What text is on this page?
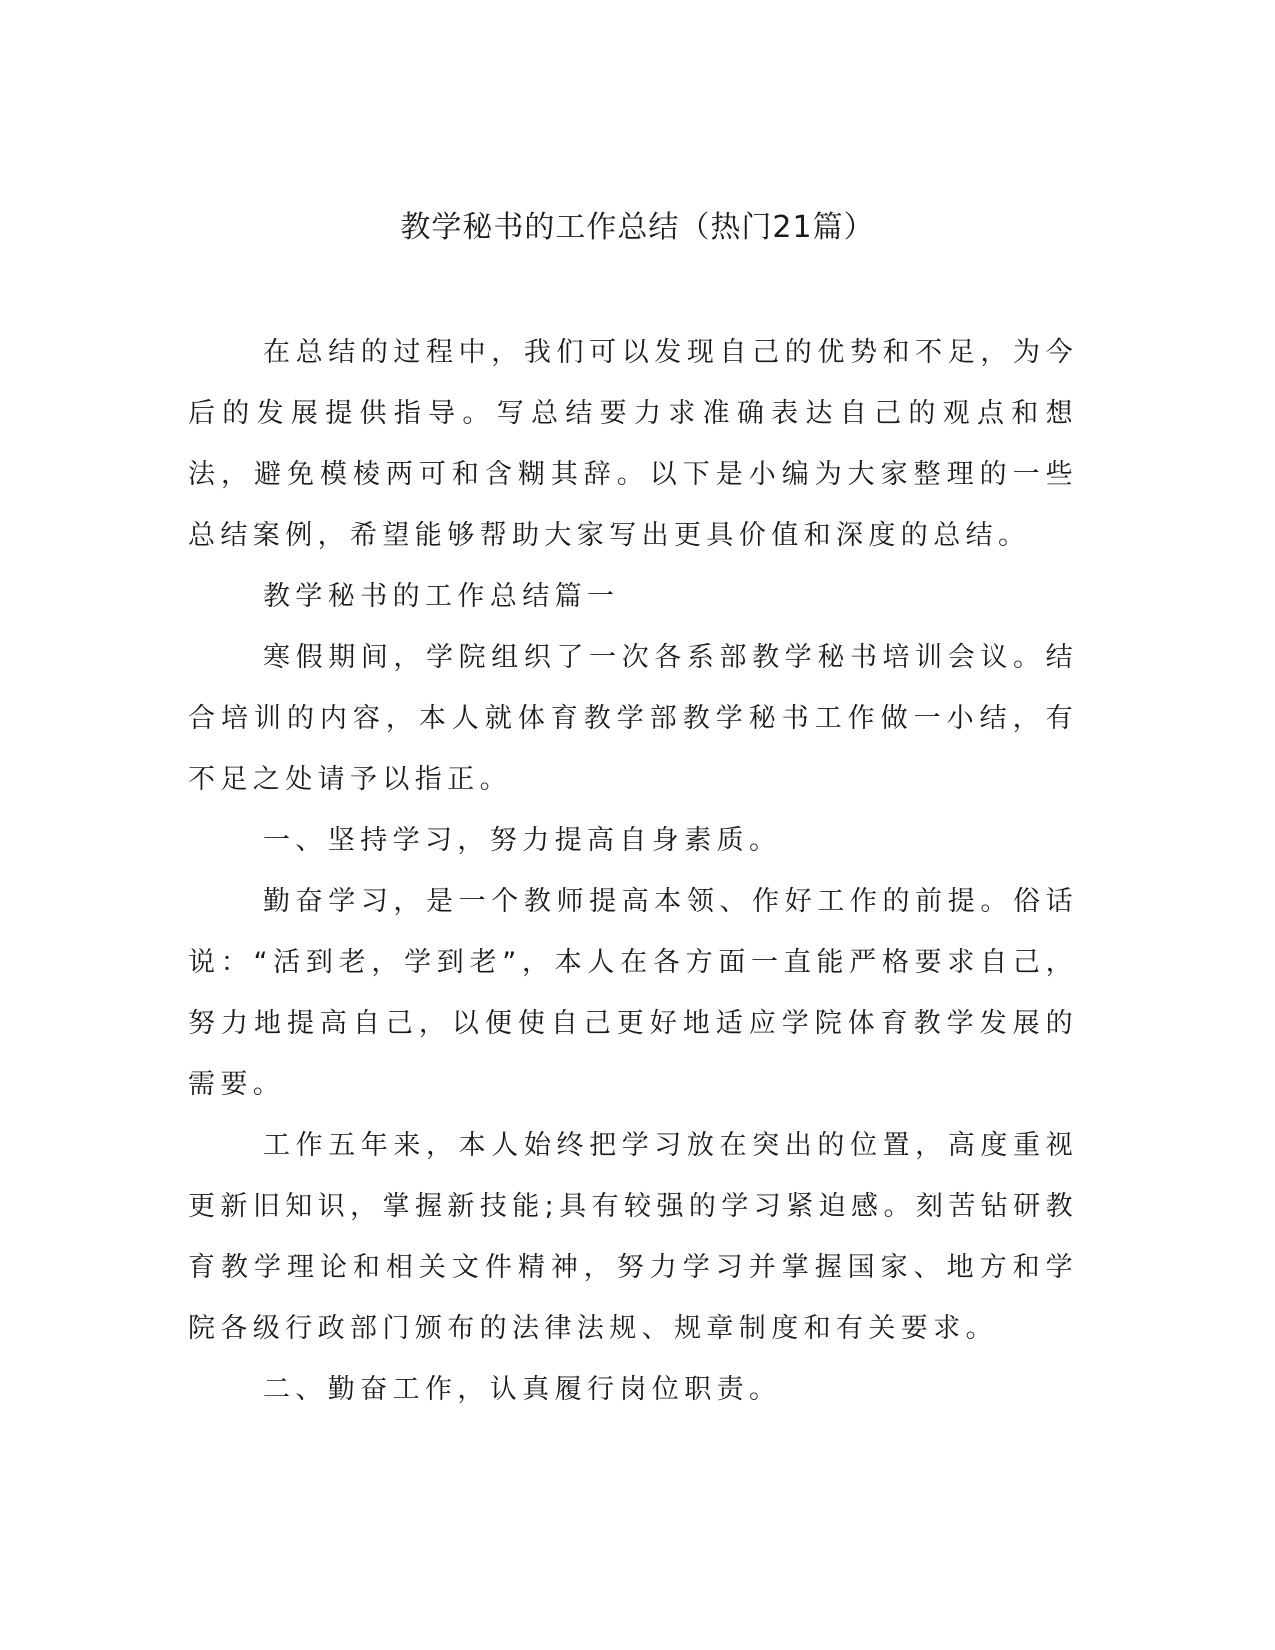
教学秘书的工作总结（热门21篇）

在总结的过程中，我们可以发现自己的优势和不足，为今后的发展提供指导。写总结要力求准确表达自己的观点和想法，避免模棱两可和含糊其辞。以下是小编为大家整理的一些总结案例，希望能够帮助大家写出更具价值和深度的总结。

教学秘书的工作总结篇一

寒假期间，学院组织了一次各系部教学秘书培训会议。结合培训的内容，本人就体育教学部教学秘书工作做一小结，有不足之处请予以指正。

一、坚持学习，努力提高自身素质。

勤奋学习，是一个教师提高本领、作好工作的前提。俗话说：“活到老，学到老”，本人在各方面一直能严格要求自己，努力地提高自己，以便使自己更好地适应学院体育教学发展的需要。

工作五年来，本人始终把学习放在突出的位置，高度重视更新旧知识，掌握新技能;具有较强的学习紧迫感。刻苦钻研教育教学理论和相关文件精神，努力学习并掌握国家、地方和学院各级行政部门颁布的法律法规、规章制度和有关要求。

二、勤奋工作，认真履行岗位职责。
